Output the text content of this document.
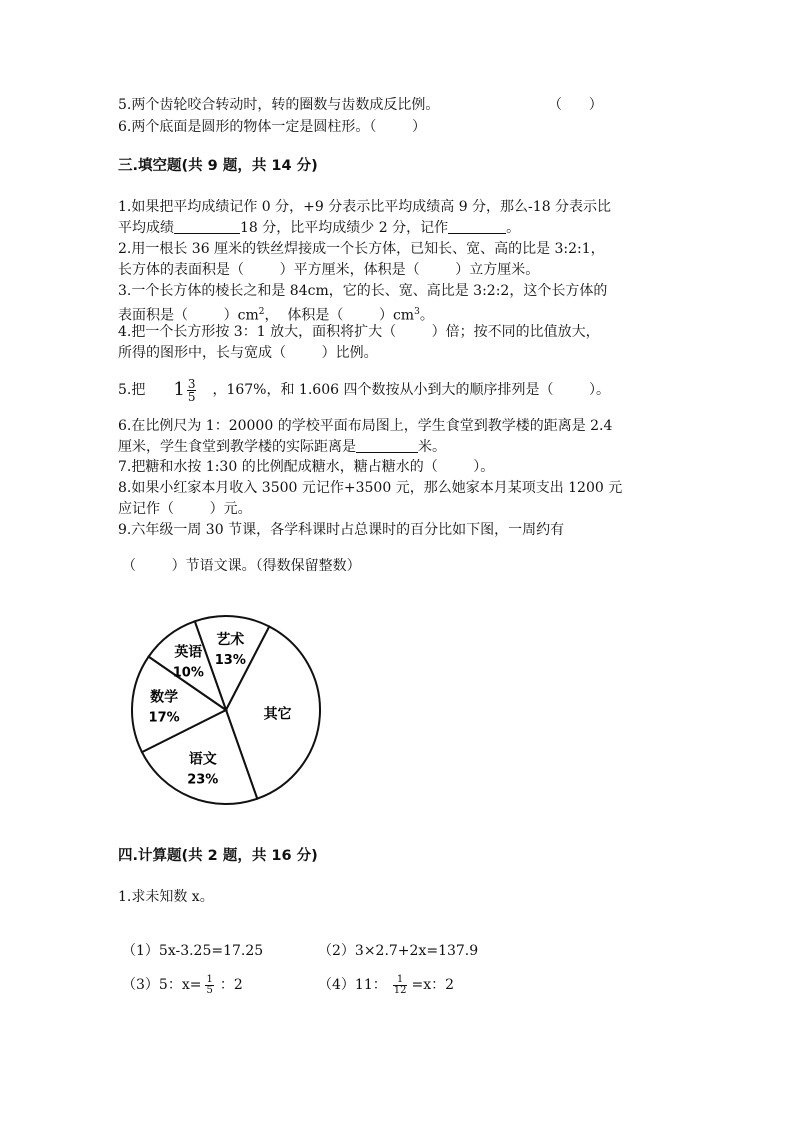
5.两个齿轮咬合转动时，转的圈数与齿数成反比例。	（      ）
6.两个底面是圆形的物体一定是圆柱形。（        ）
三.填空题(共 9 题，共 14 分)
1.如果把平均成绩记作 0 分，+9 分表示比平均成绩高 9 分，那么-18 分表示比
平均成绩	18 分，比平均成绩少 2 分，记作	。
2.用一根长 36 厘米的铁丝焊接成一个长方体，已知长、宽、高的比是 3:2:1，
长方体的表面积是（        ）平方厘米，体积是（        ）立方厘米。
3.一个长方体的棱长之和是 84cm，它的长、宽、高比是 3:2:2，这个长方体的
表面积是（        ）$cm^2$，  体积是（        ）$cm^3$。
4.把一个长方形按 3：1 放大，面积将扩大（        ）倍；按不同的比值放大，
所得的图形中，长与宽成（        ）比例。
5.把 $1 \frac{3}{5}$ ，167%，和 1.606 四个数按从小到大的顺序排列是（        ）。
6.在比例尺为 1：20000 的学校平面布局图上，学生食堂到教学楼的距离是 2.4
厘米，学生食堂到教学楼的实际距离是	米。
7.把糖和水按 1:30 的比例配成糖水，糖占糖水的（        ）。
8.如果小红家本月收入 3500 元记作+3500 元，那么她家本月某项支出 1200 元
应记作（        ）元。
9.六年级一周 30 节课，各学科课时占总课时的百分比如下图，一周约有
（        ）节语文课。（得数保留整数）
艺术
13%
其它
语文
23%
数学
17%
英语
10%
四.计算题(共 2 题，共 16 分)
1.求未知数 x。
（1）5x-3.25=17.25	（2）3×2.7+2x=137.9
（3）5：$x= \frac{1}{5}$ ：2	（4）11： $\frac{1}{12} =x$：2
